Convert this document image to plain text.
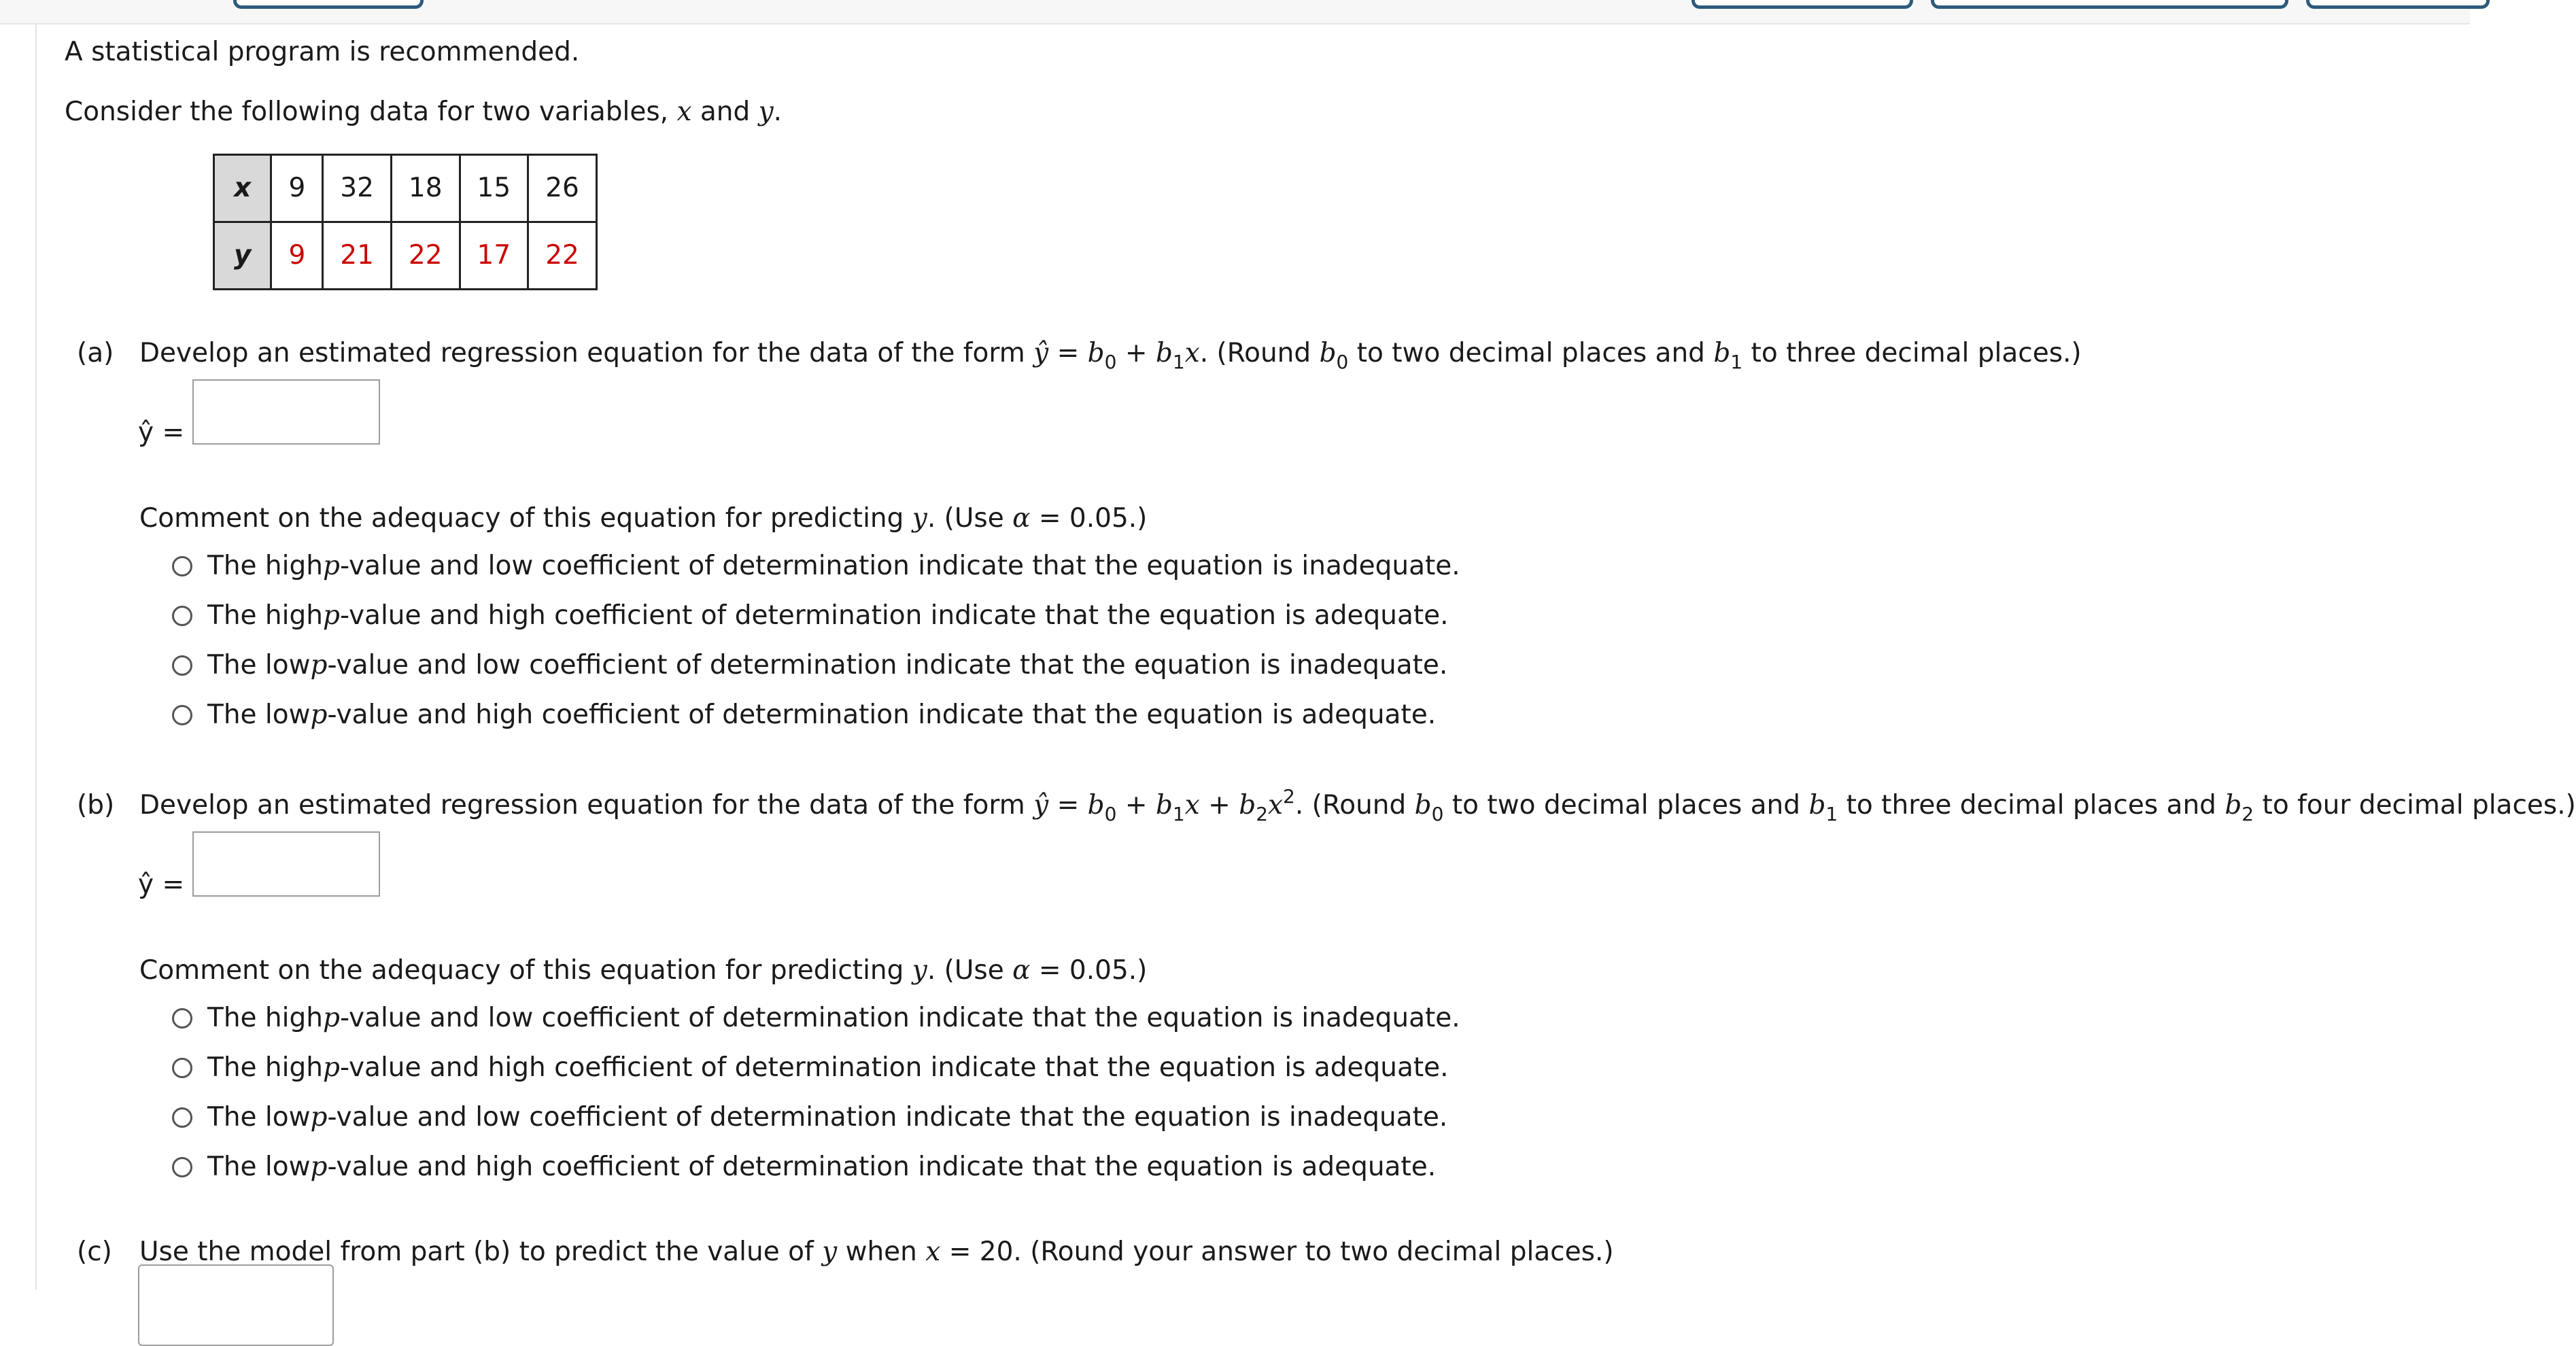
A statistical program is recommended.
Consider the following data for two variables, x and y.
x	9	32	18	15	26
y	9	21	22	17	22
(a) Develop an estimated regression equation for the data of the form ŷ = $b_0 + b_1x$. (Round $b_0$ to two decimal places and $b_1$ to three decimal places.)
ŷ =
Comment on the adequacy of this equation for predicting y. (Use α = 0.05.)
The high p -value and low coefficient of determination indicate that the equation is inadequate.
The high p -value and high coefficient of determination indicate that the equation is adequate.
The low p -value and low coefficient of determination indicate that the equation is inadequate.
The low p -value and high coefficient of determination indicate that the equation is adequate.
(b) Develop an estimated regression equation for the data of the form ŷ = $b_0 + b_1x + b_2x^2$. (Round $b_0$ to two decimal places and $b_1$ to three decimal places and $b_2$ to four decimal places.)
ŷ =
Comment on the adequacy of this equation for predicting y. (Use α = 0.05.)
The high p -value and low coefficient of determination indicate that the equation is inadequate.
The high p -value and high coefficient of determination indicate that the equation is adequate.
The low p -value and low coefficient of determination indicate that the equation is inadequate.
The low p -value and high coefficient of determination indicate that the equation is adequate.
(c) Use the model from part (b) to predict the value of y when x = 20. (Round your answer to two decimal places.)
